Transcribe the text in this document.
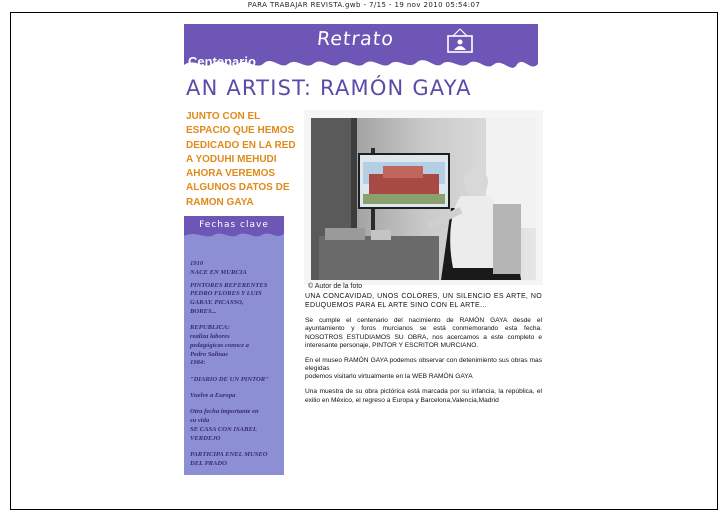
PARA TRABAJAR REVISTA.gwb - 7/15 - 19 nov 2010 05:54:07
Retrato
Centenario
AN ARTIST: RAMÓN GAYA
JUNTO CON EL
ESPACIO QUE HEMOS
DEDICADO EN LA RED
A YODUHI MEHUDI
AHORA VEREMOS
ALGUNOS DATOS DE
RAMON GAYA
© Autor de la foto
Fechas clave
1910
NACE EN MURCIA
PINTORES REFERENTES
PEDRO FLORES Y LUIS
GARAY. PICASSO,
BORES...
REPUBLICA:
realiza labores
pedagógicas conoce a
Pedro Salinas
1984:
"DIARIO DE UN PINTOR"
Vuelve a Europa
Otra fecha importante en
su vida
SE CASA CON ISABEL
VERDEJO
PARTICIPA ENEL MUSEO
DEL PRADO

UNA CONCAVIDAD, UNOS COLORES, UN SILENCIO ES ARTE, NO EDUQUEMOS PARA EL ARTE SINO CON EL ARTE...

Se cumple el centenario del nacimiento de RAMÓN GAYA desde el ayuntamiento y foros murcianos se está conmemorando esta fecha. NOSOTROS ESTUDIAMOS SU OBRA, nos acercamos a este completo e interesante personaje, PINTOR Y ESCRITOR MURCIANO.

En el museo RAMÓN GAYA podemos observar con detenimiento sus obras mas elegidas
podemos visitarlo virtualmente en la WEB RAMÓN GAYA

Una muestra de su obra pictórica está marcada por su infancia, la república, el exilio en México, el regreso a Europa y Barcelona,Valencia,Madrid
